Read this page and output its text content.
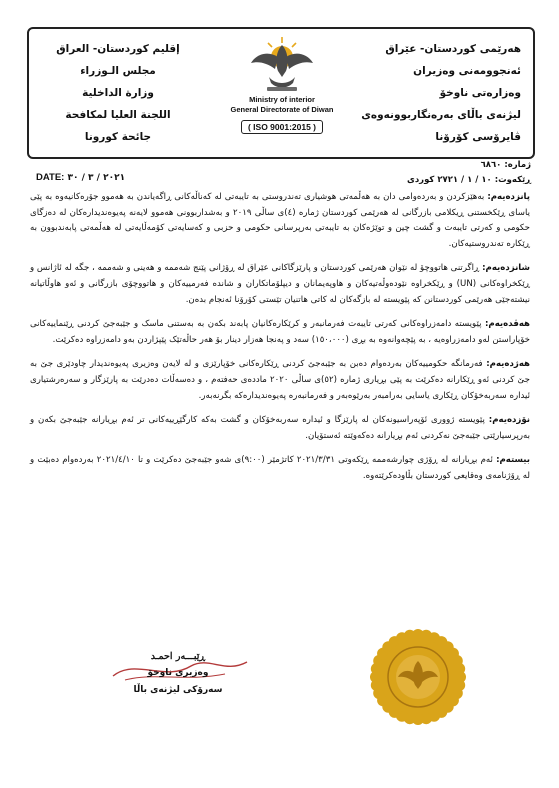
هەرێمی کوردستان- عێراق
ئەنجوومەنی وەزیران
وەزارەتی ناوخۆ
لیژنەی باڵای بەرەنگاربوونەوەی
ڤایرۆسی کۆرۆنا
Ministry of interior
General Directorate of Diwan
( ISO 9001:2015 )
إقليم كوردستان- العراق
مجلس الـوزراء
وزارة الداخلية
اللجنة العليا لمكافحة
جائحة كورونا
ژمارە: ٦٨٦٠
ڕێکەوت: ١٠ / ١ / ٢٧٢١ کوردی
DATE: ٢٠٢١ / ٣ / ٣٠

پانزدەیەم: بەهێزکردن و بەردەوامی دان بە هەڵمەتی هوشیاری تەندروستی بە تایبەتی لە کەناڵەکانی ڕاگەیاندن بە هەموو جۆرەکانیەوە بە پێی یاسای ڕێکخستنی ڕیکلامی بازرگانی لە هەرێمی کوردستان ژمارە (٤)ی ساڵی ٢٠١٩ و بەشداربوونی هەموو لایەنە پەیوەندیدارەکان لە دەزگای حکومی و کەرتی تایبەت و گشت چین و توێژەکان بە تایبەتی بەرپرسانی حکومی و حزبی و کەسایەتی کۆمەڵایەتی لە هەڵمەتی پابەندبوون بە ڕێکارە تەندروستیەکان.

شانزدەیەم: ڕاگرتنی هاتووچۆ لە نێوان هەرێمی کوردستان و پارێزگاکانی عێراق لە ڕۆژانی پێنج شەممە و هەینی و شەممە ، جگە لە ئاژانس و ڕێکخراوەکانی (UN) و ڕێکخراوە نێودەوڵەتیەکان و هاوپەیمانان و دیپلۆماتکاران و شاندە فەرمییەکان و هاتووچۆی بازرگانی و ئەو هاوڵاتیانە نیشتەجێی هەرێمی کوردستانن کە پێویستە لە بازگەکان لە کاتی هاتنیان تێستی کۆرۆنا ئەنجام بدەن.

هەڤدەیەم: پێویستە دامەزراوەکانی کەرتی تایبەت فەرمانبەر و کرێکارەکانیان پابەند بکەن بە بەستنی ماسک و جێبەجێ کردنی ڕێنماییەکانی خۆپاراستن لەو دامەزراوەیە ، بە پێچەوانەوە بە بڕی (١٥٠،٠٠٠) سەد و پەنجا هەزار دینار بۆ هەر حاڵەتێک پێپژاردن بەو دامەزراوە دەکرێت.

هەژدەیەم: فەرمانگە حکومییەکان بەردەوام دەبن بە جێبەجێ کردنی ڕێکارەکانی خۆپارێزی و لە لایەن وەزیری پەیوەندیدار چاودێری جێ بە جێ کردنی ئەو ڕێکارانە دەکرێت بە پێی بڕیاری ژمارە (٥٢)ی ساڵی ٢٠٢٠ ماددەی حەفتەم ، و دەسەڵات دەدرێت بە پارێزگار و سەرەرشتیاری ئیدارە سەربەخۆکان ڕێکاری یاسایی بەرامبەر بەرێوەبەر و فەرمانبەرە پەیوەندیدارەکە بگرنەبەر.

نۆزدەیەم: پێویستە ژووری ئۆپەراسیونەکان لە پارێزگا و ئیدارە سەربەخۆکان و گشت بەکە کارگێڕییەکانی تر ئەم بڕیارانە جێبەجێ بکەن و بەرپرسیارێتی جێبەجێ نەکردنی ئەم بڕیارانە دەکەوێتە ئەستۆیان.

بیستەم: ئەم بڕیارانە لە ڕۆژی چوارشەممە ڕێکەوتی ٢٠٢١/٣/٣١ کاتژمێر (٩:٠٠)ی شەو جێبەجێ دەکرێت و تا ٢٠٢١/٤/١٠ بەردەوام دەبێت و لە ڕۆژنامەی وەقایعی کوردستان بڵاودەکرێتەوە.

ڕێبـــەر احمـد
وەزیری ناوخۆ
سەرۆکی لیژنەی باڵا
